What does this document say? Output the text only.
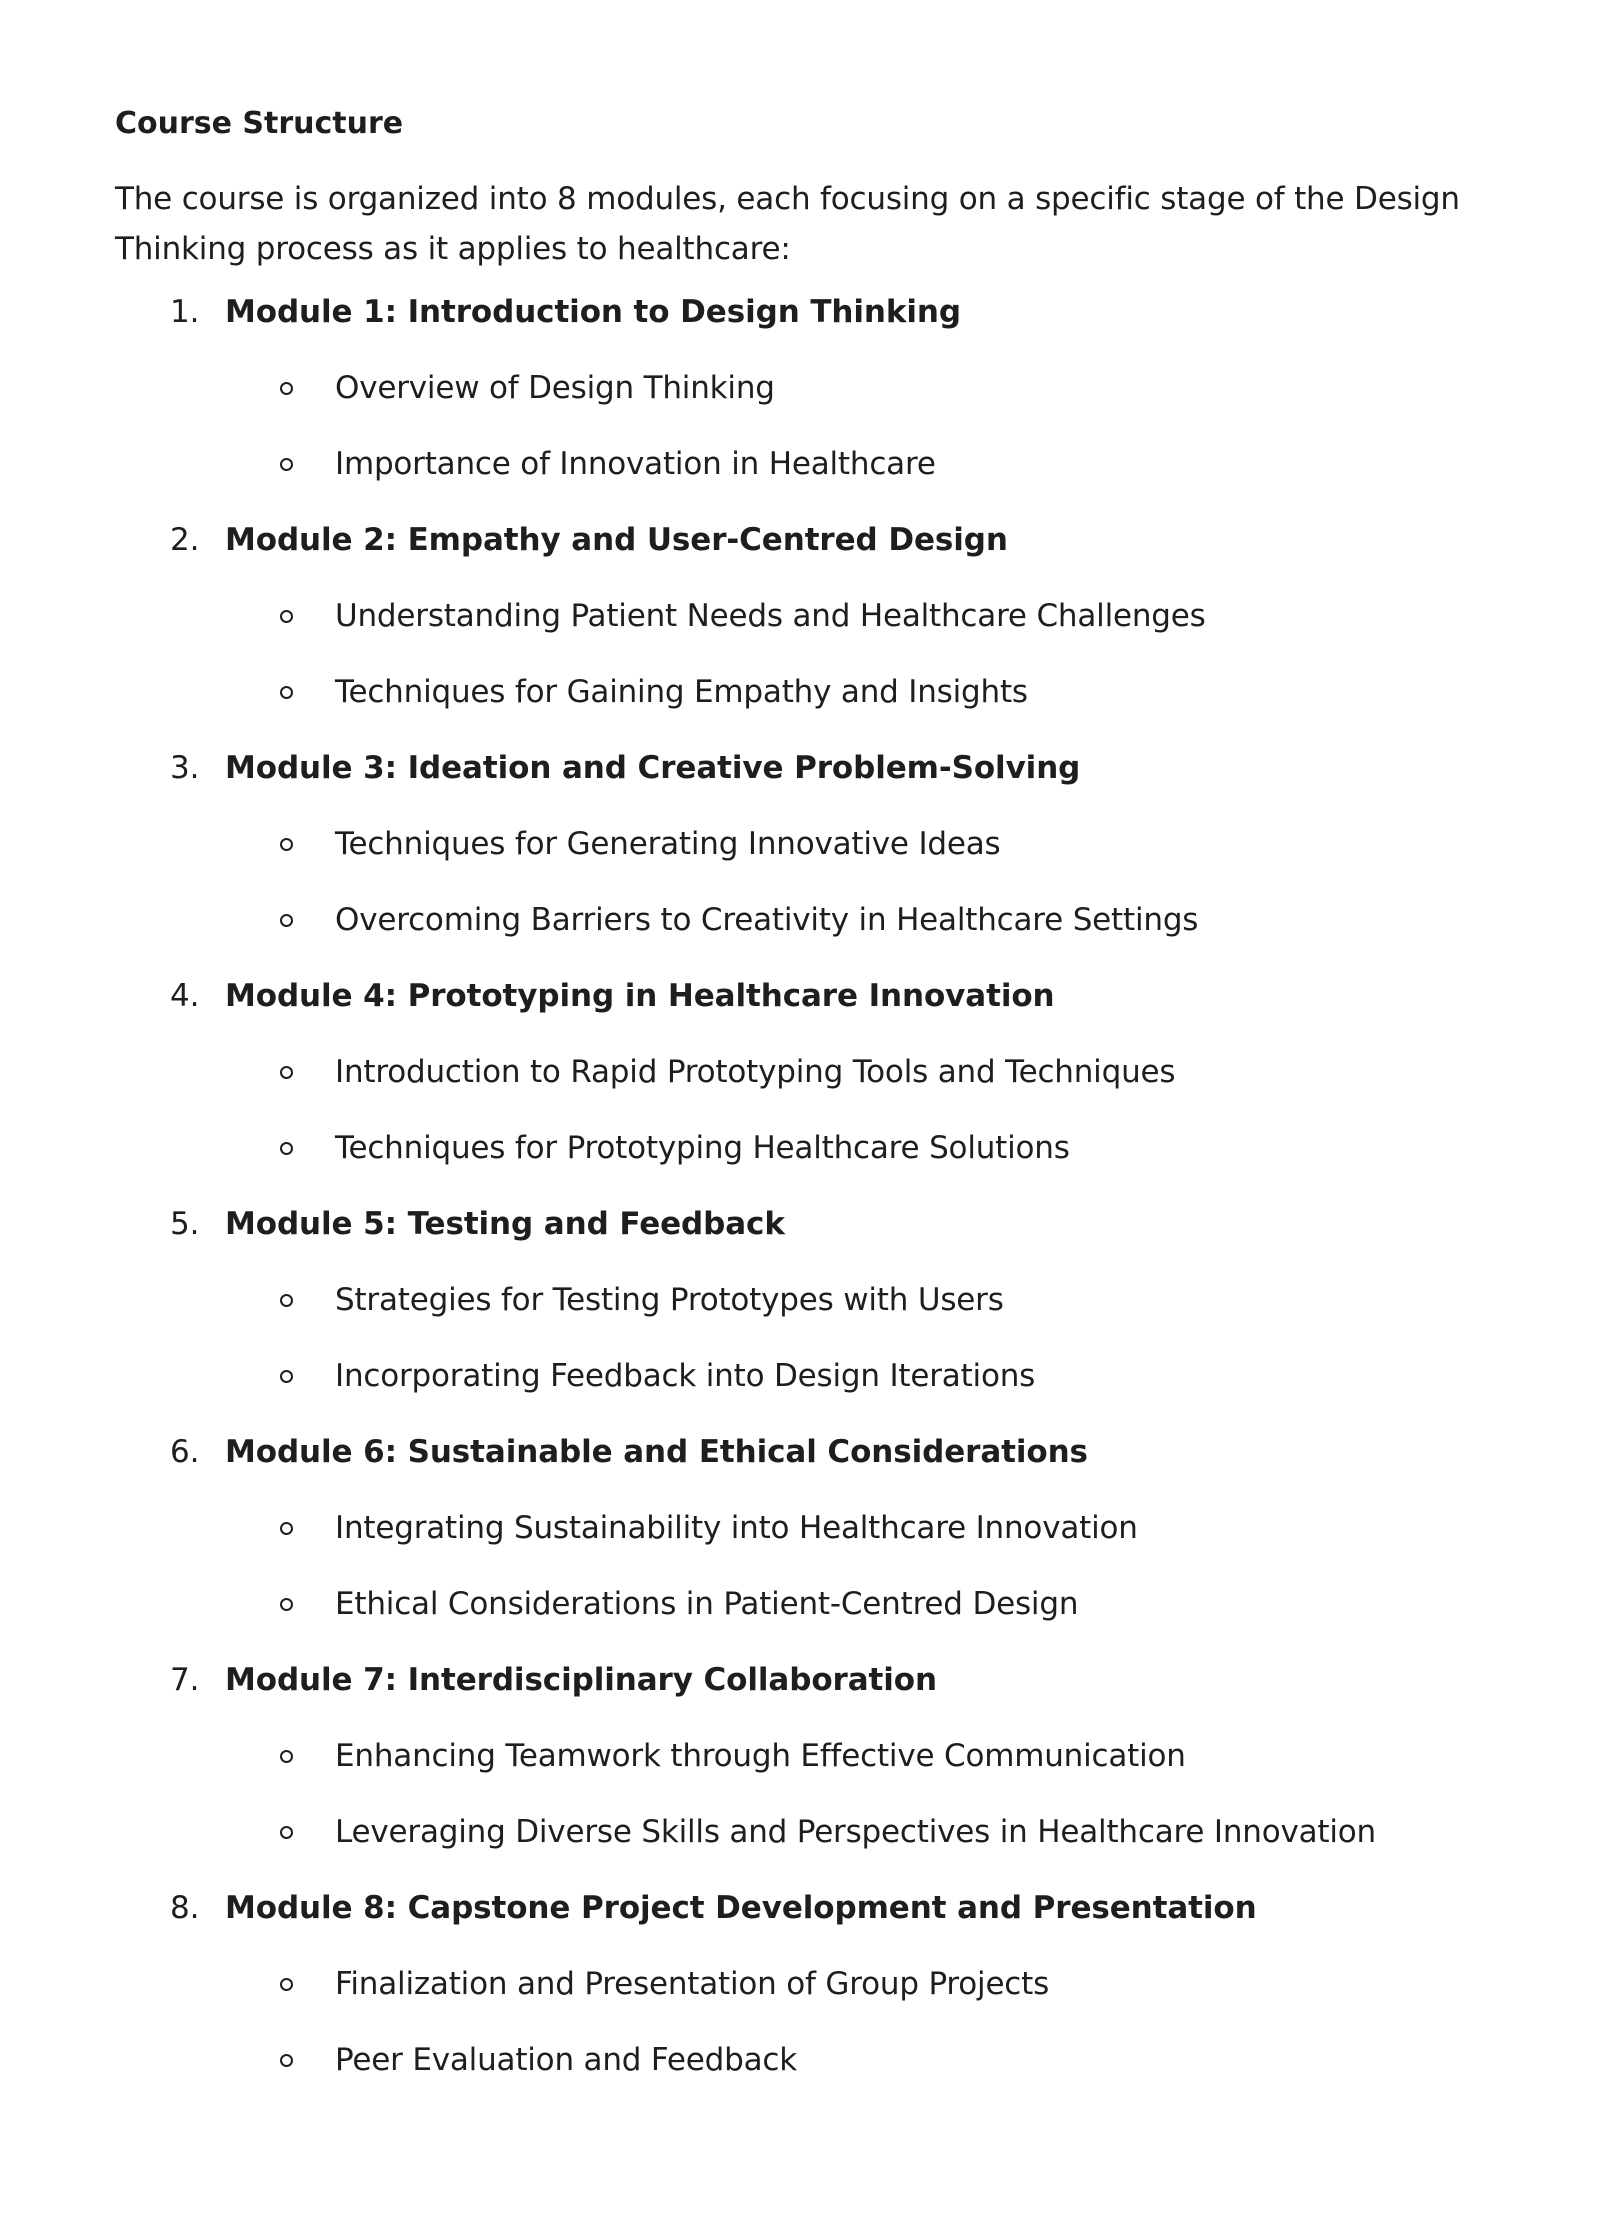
Course Structure

The course is organized into 8 modules, each focusing on a specific stage of the Design Thinking process as it applies to healthcare:

1. Module 1: Introduction to Design Thinking
Overview of Design Thinking
Importance of Innovation in Healthcare
2. Module 2: Empathy and User-Centred Design
Understanding Patient Needs and Healthcare Challenges
Techniques for Gaining Empathy and Insights
3. Module 3: Ideation and Creative Problem-Solving
Techniques for Generating Innovative Ideas
Overcoming Barriers to Creativity in Healthcare Settings
4. Module 4: Prototyping in Healthcare Innovation
Introduction to Rapid Prototyping Tools and Techniques
Techniques for Prototyping Healthcare Solutions
5. Module 5: Testing and Feedback
Strategies for Testing Prototypes with Users
Incorporating Feedback into Design Iterations
6. Module 6: Sustainable and Ethical Considerations
Integrating Sustainability into Healthcare Innovation
Ethical Considerations in Patient-Centred Design
7. Module 7: Interdisciplinary Collaboration
Enhancing Teamwork through Effective Communication
Leveraging Diverse Skills and Perspectives in Healthcare Innovation
8. Module 8: Capstone Project Development and Presentation
Finalization and Presentation of Group Projects
Peer Evaluation and Feedback
